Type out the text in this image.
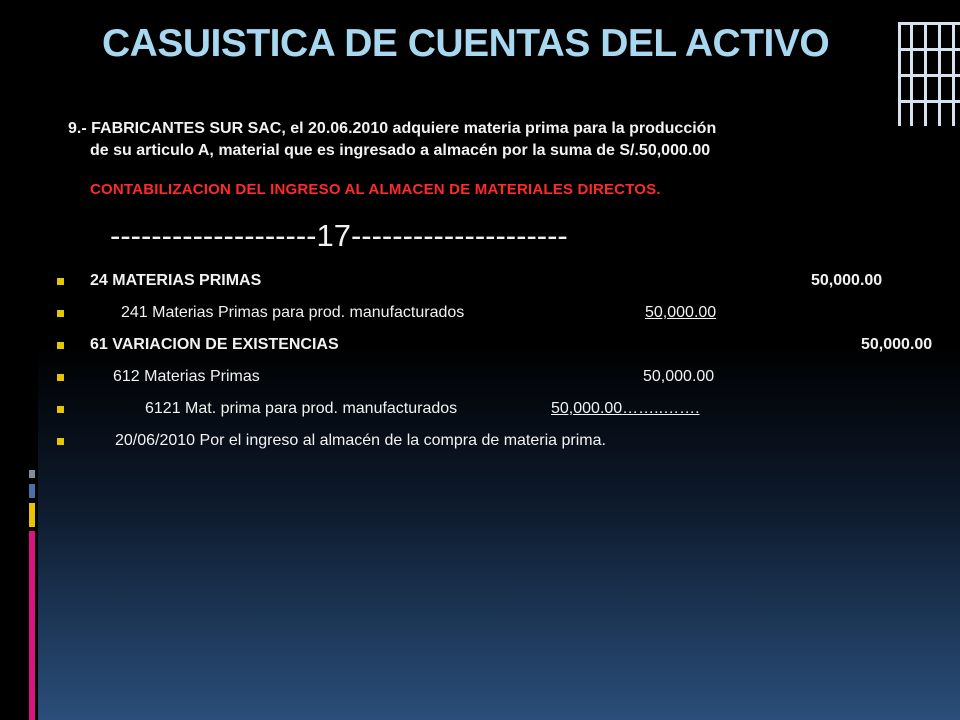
CASUISTICA DE CUENTAS DEL ACTIVO
9.- FABRICANTES SUR SAC, el 20.06.2010 adquiere materia prima para la producción
de su articulo A, material que es ingresado a almacén por la suma de S/.50,000.00
CONTABILIZACION DEL INGRESO AL ALMACEN DE MATERIALES DIRECTOS.
--------------------17---------------------
24 MATERIAS PRIMAS	50,000.00
241 Materias Primas para prod. manufacturados	50,000.00
61 VARIACION DE EXISTENCIAS	50,000.00
612 Materias Primas	50,000.00
6121 Mat. prima para prod. manufacturados	50,000.00……..…….
20/06/2010 Por el ingreso al almacén de la compra de materia prima.
